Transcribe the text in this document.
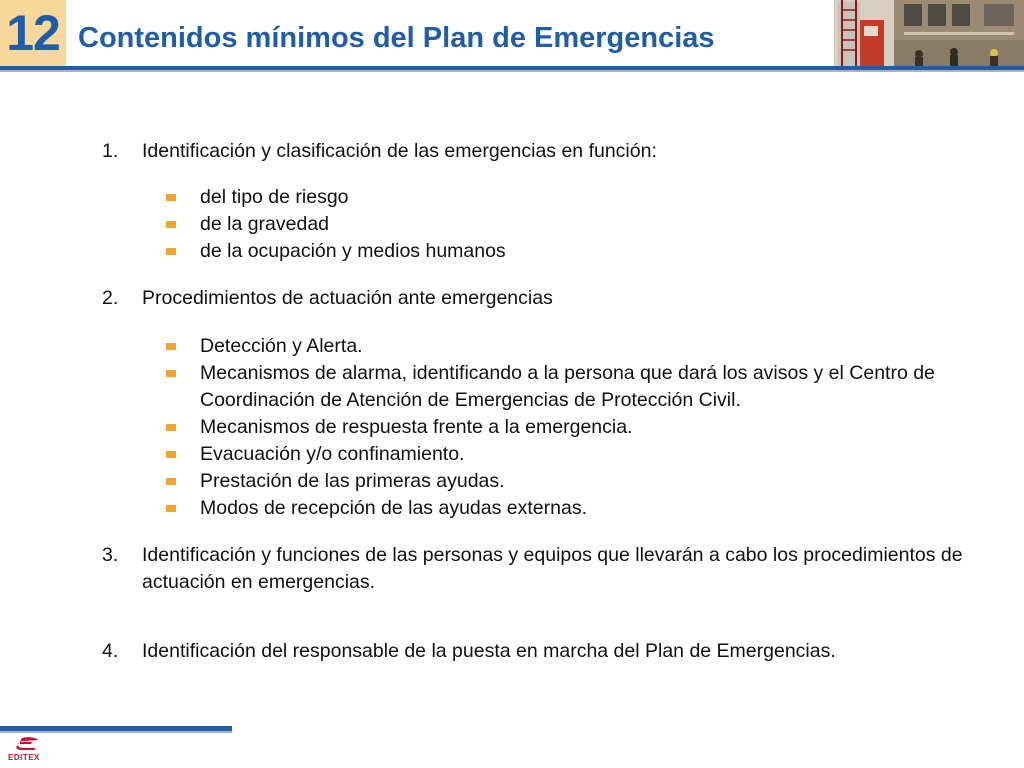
12 Contenidos mínimos del Plan de Emergencias
1.	Identificación y clasificación de las emergencias en función:
del tipo de riesgo
de la gravedad
de la ocupación y medios humanos
2.	Procedimientos de actuación ante emergencias
Detección y Alerta.
Mecanismos de alarma, identificando a la persona que dará los avisos y el Centro de Coordinación de Atención de Emergencias de Protección Civil.
Mecanismos de respuesta frente a la emergencia.
Evacuación y/o confinamiento.
Prestación de las primeras ayudas.
Modos de recepción de las ayudas externas.
3.	Identificación y funciones de las personas y equipos que llevarán a cabo los procedimientos de actuación en emergencias.
4.	Identificación del responsable de la puesta en marcha del Plan de Emergencias.
EDITEX
